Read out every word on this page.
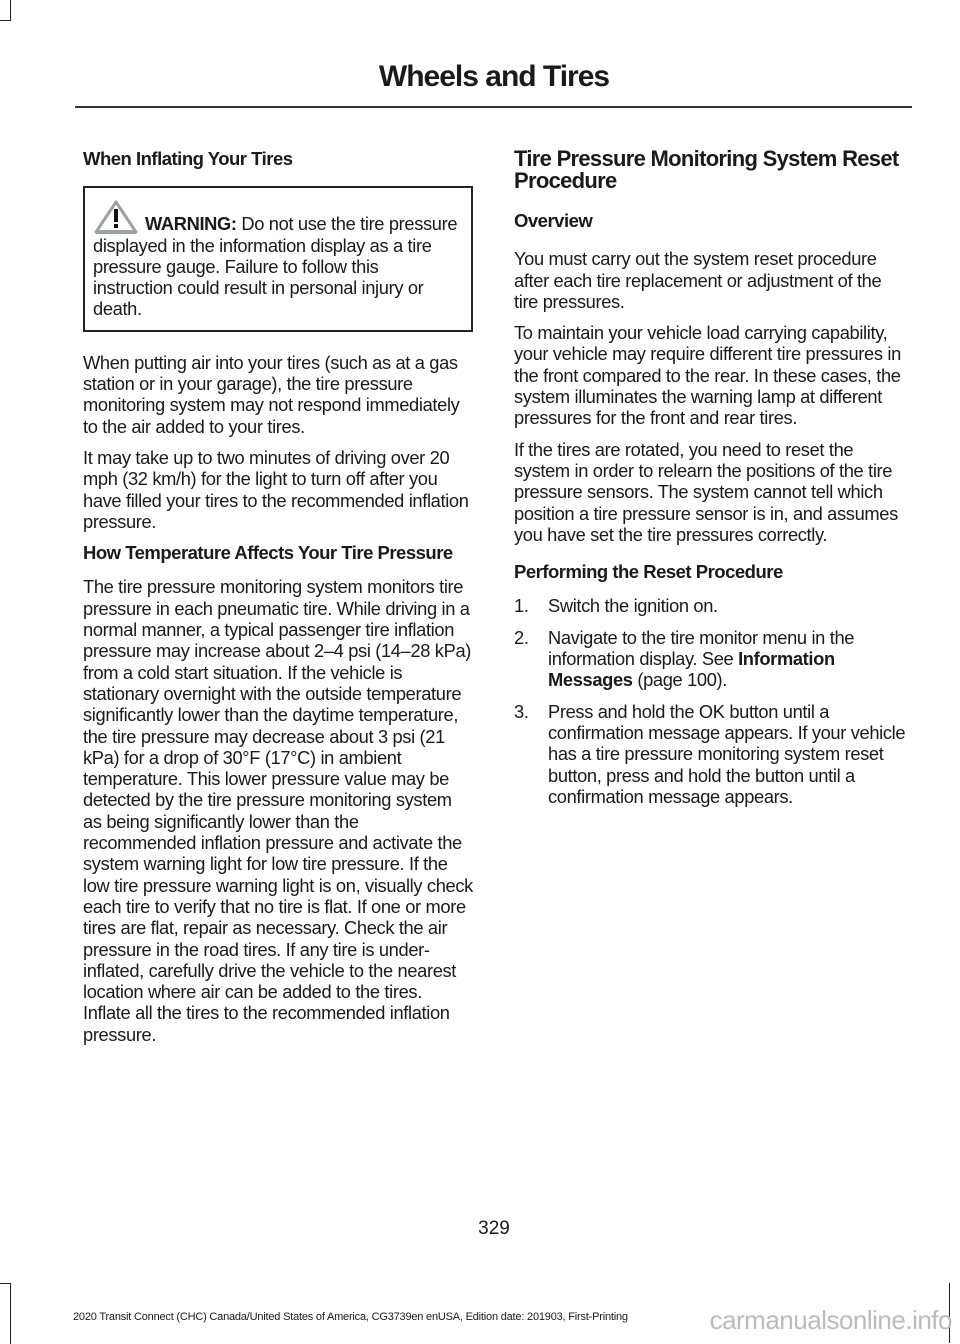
Wheels and Tires
When Inflating Your Tires
WARNING: Do not use the tire pressure displayed in the information display as a tire pressure gauge. Failure to follow this instruction could result in personal injury or death.

When putting air into your tires (such as at a gas station or in your garage), the tire pressure monitoring system may not respond immediately to the air added to your tires.

It may take up to two minutes of driving over 20 mph (32 km/h) for the light to turn off after you have filled your tires to the recommended inflation pressure.

How Temperature Affects Your Tire Pressure

The tire pressure monitoring system monitors tire pressure in each pneumatic tire. While driving in a normal manner, a typical passenger tire inflation pressure may increase about 2–4 psi (14–28 kPa) from a cold start situation. If the vehicle is stationary overnight with the outside temperature significantly lower than the daytime temperature, the tire pressure may decrease about 3 psi (21 kPa) for a drop of 30°F (17°C) in ambient temperature. This lower pressure value may be detected by the tire pressure monitoring system as being significantly lower than the recommended inflation pressure and activate the system warning light for low tire pressure. If the low tire pressure warning light is on, visually check each tire to verify that no tire is flat. If one or more tires are flat, repair as necessary. Check the air pressure in the road tires. If any tire is under-inflated, carefully drive the vehicle to the nearest location where air can be added to the tires. Inflate all the tires to the recommended inflation pressure.

Tire Pressure Monitoring System Reset Procedure
Overview

You must carry out the system reset procedure after each tire replacement or adjustment of the tire pressures.

To maintain your vehicle load carrying capability, your vehicle may require different tire pressures in the front compared to the rear. In these cases, the system illuminates the warning lamp at different pressures for the front and rear tires.

If the tires are rotated, you need to reset the system in order to relearn the positions of the tire pressure sensors. The system cannot tell which position a tire pressure sensor is in, and assumes you have set the tire pressures correctly.

Performing the Reset Procedure
1. Switch the ignition on.
2. Navigate to the tire monitor menu in the information display. See Information Messages (page 100).
3. Press and hold the OK button until a confirmation message appears. If your vehicle has a tire pressure monitoring system reset button, press and hold the button until a confirmation message appears.
329
2020 Transit Connect (CHC) Canada/United States of America, CG3739en enUSA, Edition date: 201903, First-Printing	carmanualsonline.info
